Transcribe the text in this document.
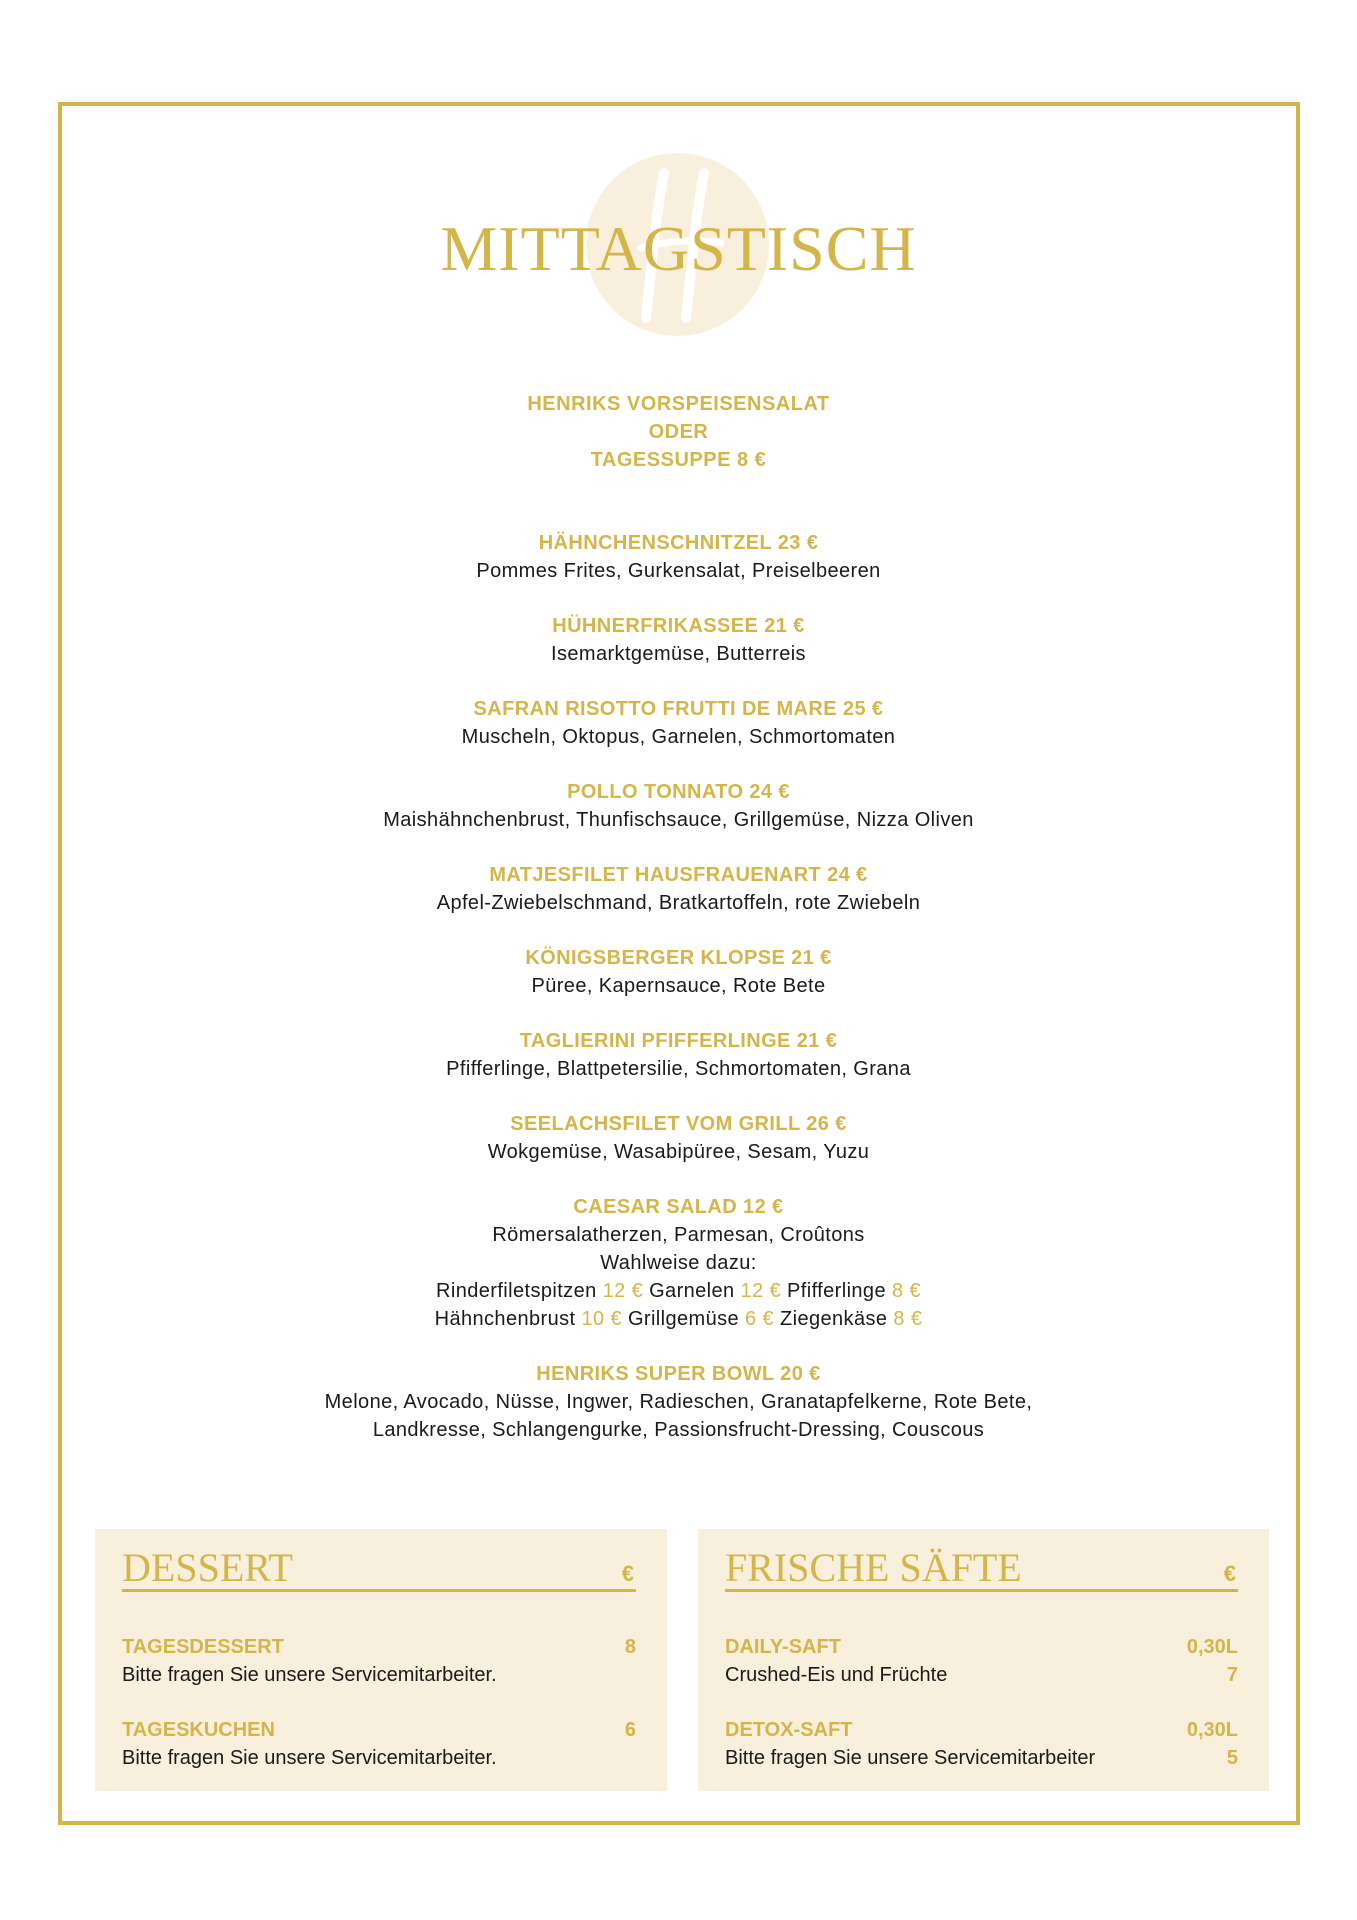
MITTAGSTISCH
HENRIKS VORSPEISENSALAT
ODER
TAGESSUPPE 8 €
HÄHNCHENSCHNITZEL 23 €
Pommes Frites, Gurkensalat, Preiselbeeren
HÜHNERFRIKASSEE 21 €
Isemarktgemüse, Butterreis
SAFRAN RISOTTO FRUTTI DE MARE 25 €
Muscheln, Oktopus, Garnelen, Schmortomaten
POLLO TONNATO 24 €
Maishähnchenbrust, Thunfischsauce, Grillgemüse, Nizza Oliven
MATJESFILET HAUSFRAUENART 24 €
Apfel-Zwiebelschmand, Bratkartoffeln, rote Zwiebeln
KÖNIGSBERGER KLOPSE 21 €
Püree, Kapernsauce, Rote Bete
TAGLIERINI PFIFFERLINGE 21 €
Pfifferlinge, Blattpetersilie, Schmortomaten, Grana
SEELACHSFILET VOM GRILL 26 €
Wokgemüse, Wasabipüree, Sesam, Yuzu
CAESAR SALAD 12 €
Römersalatherzen, Parmesan, Croûtons
Wahlweise dazu:
Rinderfiletspitzen 12 € Garnelen 12 € Pfifferlinge 8 €
Hähnchenbrust 10 € Grillgemüse 6 € Ziegenkäse 8 €
HENRIKS SUPER BOWL 20 €
Melone, Avocado, Nüsse, Ingwer, Radieschen, Granatapfelkerne, Rote Bete,
Landkresse, Schlangengurke, Passionsfrucht-Dressing, Couscous
DESSERT	€
TAGESDESSERT	8
Bitte fragen Sie unsere Servicemitarbeiter.
TAGESKUCHEN	6
Bitte fragen Sie unsere Servicemitarbeiter.
FRISCHE SÄFTE	€
DAILY-SAFT	0,30L
Crushed-Eis und Früchte	7
DETOX-SAFT	0,30L
Bitte fragen Sie unsere Servicemitarbeiter	5
